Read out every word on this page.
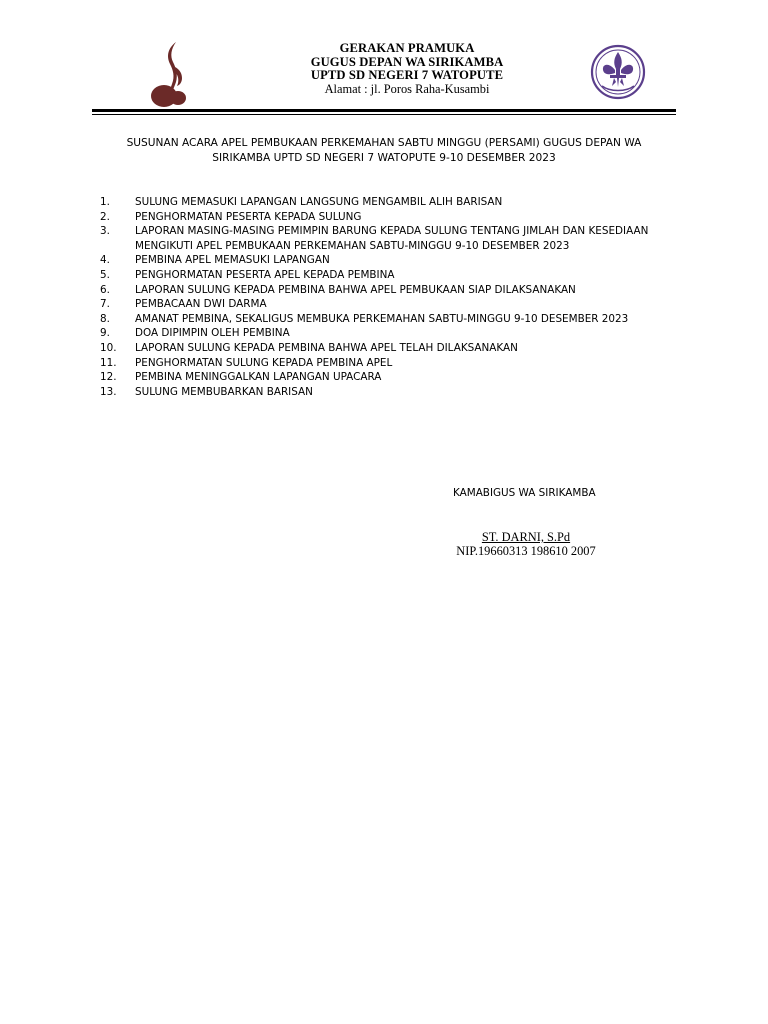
GERAKAN PRAMUKA
GUGUS DEPAN WA SIRIKAMBA
UPTD SD NEGERI 7 WATOPUTE
Alamat : jl. Poros Raha-Kusambi
SUSUNAN ACARA APEL PEMBUKAAN PERKEMAHAN SABTU MINGGU (PERSAMI) GUGUS DEPAN WA
SIRIKAMBA UPTD SD NEGERI 7 WATOPUTE 9-10 DESEMBER 2023
1.	SULUNG MEMASUKI LAPANGAN LANGSUNG MENGAMBIL ALIH BARISAN
2.	PENGHORMATAN PESERTA KEPADA SULUNG
3.	LAPORAN MASING-MASING PEMIMPIN BARUNG KEPADA SULUNG TENTANG JIMLAH DAN KESEDIAAN MENGIKUTI APEL PEMBUKAAN PERKEMAHAN SABTU-MINGGU 9-10 DESEMBER 2023
4.	PEMBINA APEL MEMASUKI LAPANGAN
5.	PENGHORMATAN PESERTA APEL KEPADA PEMBINA
6.	LAPORAN SULUNG KEPADA PEMBINA BAHWA APEL PEMBUKAAN SIAP DILAKSANAKAN
7.	PEMBACAAN DWI DARMA
8.	AMANAT PEMBINA, SEKALIGUS MEMBUKA PERKEMAHAN SABTU-MINGGU 9-10 DESEMBER 2023
9.	DOA DIPIMPIN OLEH PEMBINA
10.	LAPORAN SULUNG KEPADA PEMBINA BAHWA APEL TELAH DILAKSANAKAN
11.	PENGHORMATAN SULUNG KEPADA PEMBINA APEL
12.	PEMBINA MENINGGALKAN LAPANGAN UPACARA
13.	SULUNG MEMBUBARKAN BARISAN
KAMABIGUS WA SIRIKAMBA
ST. DARNI, S.Pd
NIP.19660313 198610 2007
